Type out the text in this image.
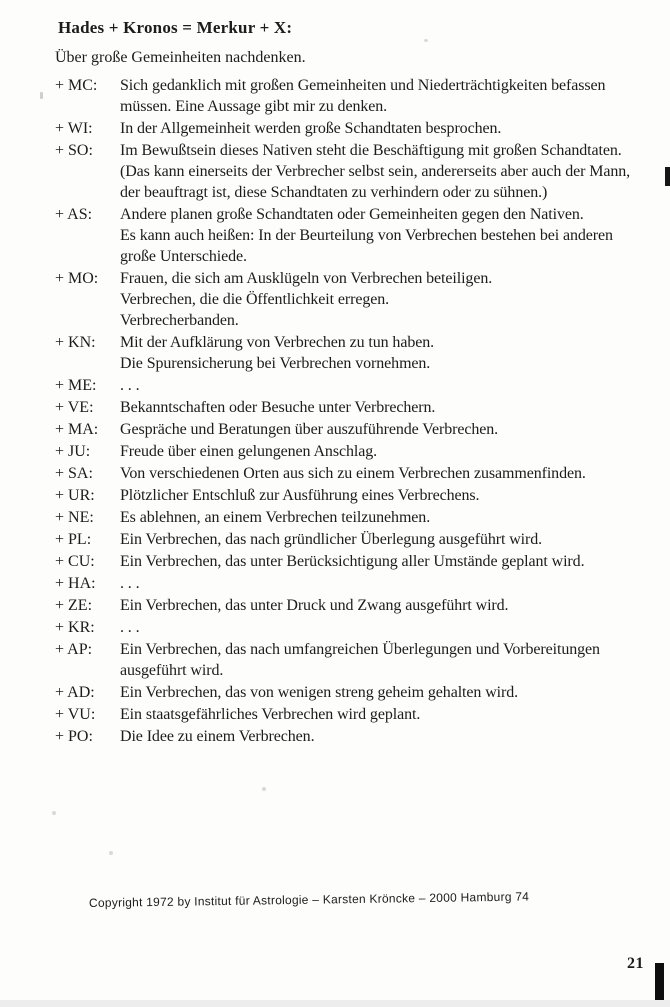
Hades + Kronos = Merkur + X:
Über große Gemeinheiten nachdenken.
+ MC:	Sich gedanklich mit großen Gemeinheiten und Niederträchtigkeiten befassen
müssen. Eine Aussage gibt mir zu denken.
+ WI:	In der Allgemeinheit werden große Schandtaten besprochen.
+ SO:	Im Bewußtsein dieses Nativen steht die Beschäftigung mit großen Schandtaten.
(Das kann einerseits der Verbrecher selbst sein, andererseits aber auch der Mann,
der beauftragt ist, diese Schandtaten zu verhindern oder zu sühnen.)
+ AS:	Andere planen große Schandtaten oder Gemeinheiten gegen den Nativen.
Es kann auch heißen: In der Beurteilung von Verbrechen bestehen bei anderen
große Unterschiede.
+ MO:	Frauen, die sich am Ausklügeln von Verbrechen beteiligen.
Verbrechen, die die Öffentlichkeit erregen.
Verbrecherbanden.
+ KN:	Mit der Aufklärung von Verbrechen zu tun haben.
Die Spurensicherung bei Verbrechen vornehmen.
+ ME:	. . .
+ VE:	Bekanntschaften oder Besuche unter Verbrechern.
+ MA:	Gespräche und Beratungen über auszuführende Verbrechen.
+ JU:	Freude über einen gelungenen Anschlag.
+ SA:	Von verschiedenen Orten aus sich zu einem Verbrechen zusammenfinden.
+ UR:	Plötzlicher Entschluß zur Ausführung eines Verbrechens.
+ NE:	Es ablehnen, an einem Verbrechen teilzunehmen.
+ PL:	Ein Verbrechen, das nach gründlicher Überlegung ausgeführt wird.
+ CU:	Ein Verbrechen, das unter Berücksichtigung aller Umstände geplant wird.
+ HA:	. . .
+ ZE:	Ein Verbrechen, das unter Druck und Zwang ausgeführt wird.
+ KR:	. . .
+ AP:	Ein Verbrechen, das nach umfangreichen Überlegungen und Vorbereitungen
ausgeführt wird.
+ AD:	Ein Verbrechen, das von wenigen streng geheim gehalten wird.
+ VU:	Ein staatsgefährliches Verbrechen wird geplant.
+ PO:	Die Idee zu einem Verbrechen.
Copyright 1972 by Institut für Astrologie – Karsten Kröncke – 2000 Hamburg 74
21
